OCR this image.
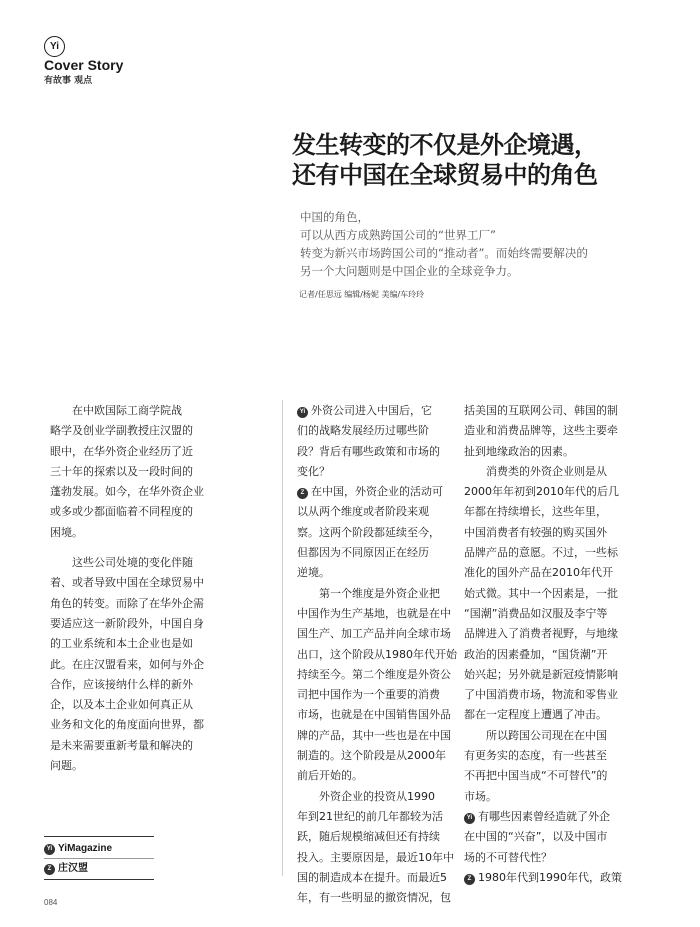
Yi
Cover Story
有故事 观点
发生转变的不仅是外企境遇，
还有中国在全球贸易中的角色
中国的角色，
可以从西方成熟跨国公司的“世界工厂”
转变为新兴市场跨国公司的“推动者”。而始终需要解决的
另一个大问题则是中国企业的全球竞争力。
记者/任思远 编辑/杨妮 美编/车玲玲

　　在中欧国际工商学院战

略学及创业学副教授庄汉盟的

眼中，在华外资企业经历了近

三十年的探索以及一段时间的

蓬勃发展。如今，在华外资企业

或多或少都面临着不同程度的

困境。

　　这些公司处境的变化伴随

着、或者导致中国在全球贸易中

角色的转变。而除了在华外企需

要适应这一新阶段外，中国自身

的工业系统和本土企业也是如

此。在庄汉盟看来，如何与外企

合作，应该接纳什么样的新外

企，以及本土企业如何真正从

业务和文化的角度面向世界，都

是未来需要重新考量和解决的

问题。

Yi YiMagazine
Z 庄汉盟

Yi 外资公司进入中国后，它

们的战略发展经历过哪些阶

段？背后有哪些政策和市场的

变化？

Z 在中国，外资企业的活动可

以从两个维度或者阶段来观

察。这两个阶段都延续至今，

但都因为不同原因正在经历

逆境。

　　第一个维度是外资企业把

中国作为生产基地，也就是在中

国生产、加工产品并向全球市场

出口，这个阶段从1980年代开始

持续至今。第二个维度是外资公

司把中国作为一个重要的消费

市场，也就是在中国销售国外品

牌的产品，其中一些也是在中国

制造的。这个阶段是从2000年

前后开始的。

　　外资企业的投资从1990

年到21世纪的前几年都较为活

跃，随后规模缩减但还有持续

投入。主要原因是，最近10年中

国的制造成本在提升。而最近5

年，有一些明显的撤资情况，包

括美国的互联网公司、韩国的制

造业和消费品牌等，这些主要牵

扯到地缘政治的因素。

　　消费类的外资企业则是从

2000年年初到2010年代的后几

年都在持续增长，这些年里，

中国消费者有较强的购买国外

品牌产品的意愿。不过，一些标

准化的国外产品在2010年代开

始式微。其中一个因素是，一批

“国潮”消费品如汉服及李宁等

品牌进入了消费者视野，与地缘

政治的因素叠加，“国货潮”开

始兴起；另外就是新冠疫情影响

了中国消费市场，物流和零售业

都在一定程度上遭遇了冲击。

　　所以跨国公司现在在中国

有更务实的态度，有一些甚至

不再把中国当成“不可替代”的

市场。

Yi 有哪些因素曾经造就了外企

在中国的“兴奋”，以及中国市

场的不可替代性？

Z 1980年代到1990年代，政策

084
